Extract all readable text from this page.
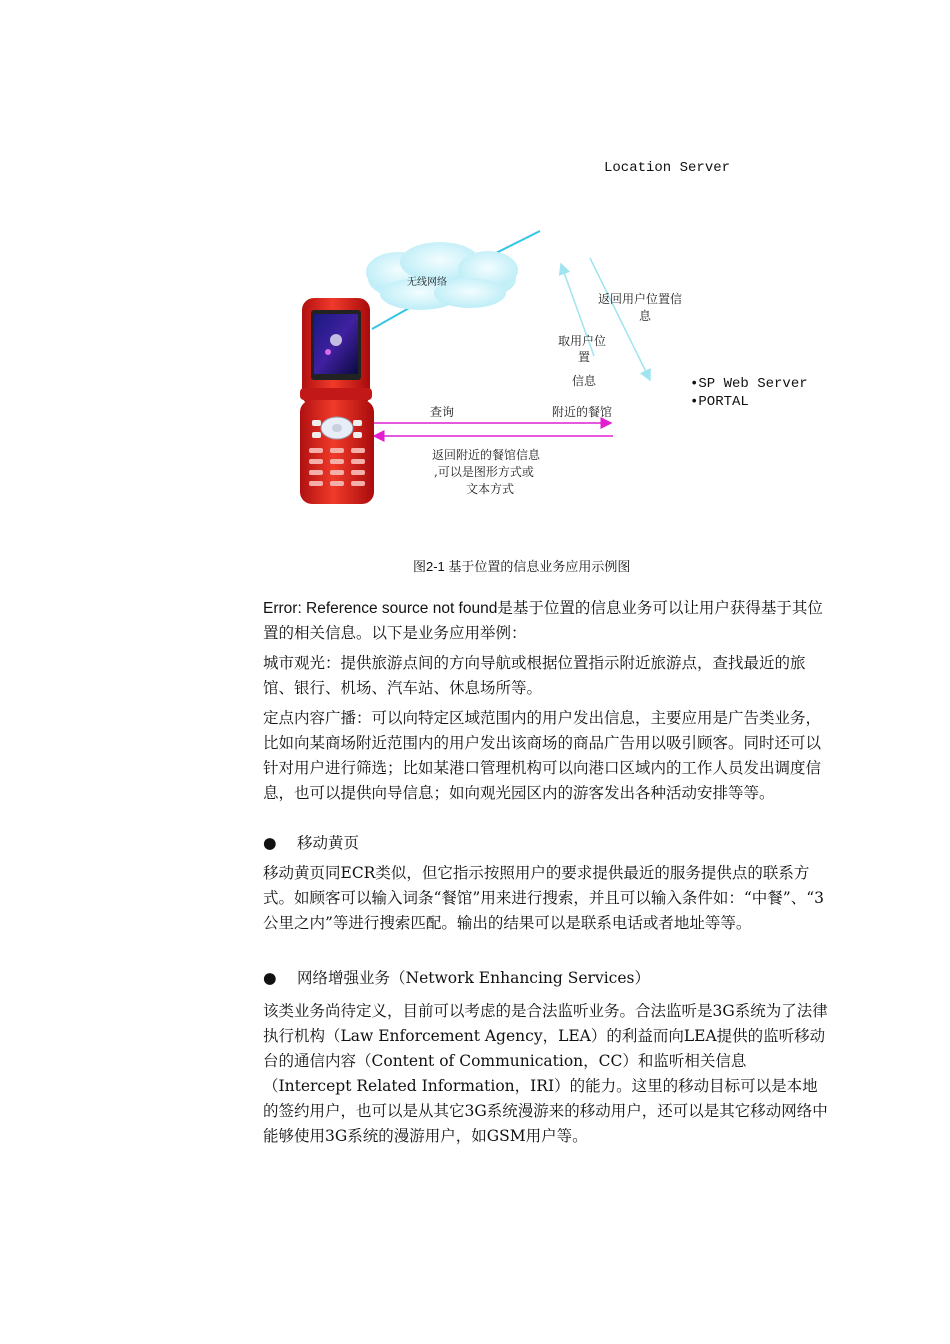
Location Server
无线网络
返回用户位置信
息
取用户位
置
信息	•SP Web Server
•PORTAL
查询	附近的餐馆
返回附近的餐馆信息
,可以是图形方式或
文本方式
图2-1 基于位置的信息业务应用示例图

Error: Reference source not found是基于位置的信息业务可以让用户获得基于其位置的相关信息。以下是业务应用举例：

城市观光：提供旅游点间的方向导航或根据位置指示附近旅游点，查找最近的旅馆、银行、机场、汽车站、休息场所等。

定点内容广播：可以向特定区域范围内的用户发出信息，主要应用是广告类业务，比如向某商场附近范围内的用户发出该商场的商品广告用以吸引顾客。同时还可以针对用户进行筛选；比如某港口管理机构可以向港口区域内的工作人员发出调度信息，也可以提供向导信息；如向观光园区内的游客发出各种活动安排等等。

● 移动黄页

移动黄页同ECR类似，但它指示按照用户的要求提供最近的服务提供点的联系方式。如顾客可以输入词条“餐馆”用来进行搜索，并且可以输入条件如：“中餐”、“3公里之内”等进行搜索匹配。输出的结果可以是联系电话或者地址等等。

● 网络增强业务（Network Enhancing Services）

该类业务尚待定义，目前可以考虑的是合法监听业务。合法监听是3G系统为了法律执行机构（Law Enforcement Agency，LEA）的利益而向LEA提供的监听移动台的通信内容（Content of Communication，CC）和监听相关信息（Intercept Related Information，IRI）的能力。这里的移动目标可以是本地的签约用户，也可以是从其它3G系统漫游来的移动用户，还可以是其它移动网络中能够使用3G系统的漫游用户，如GSM用户等。
